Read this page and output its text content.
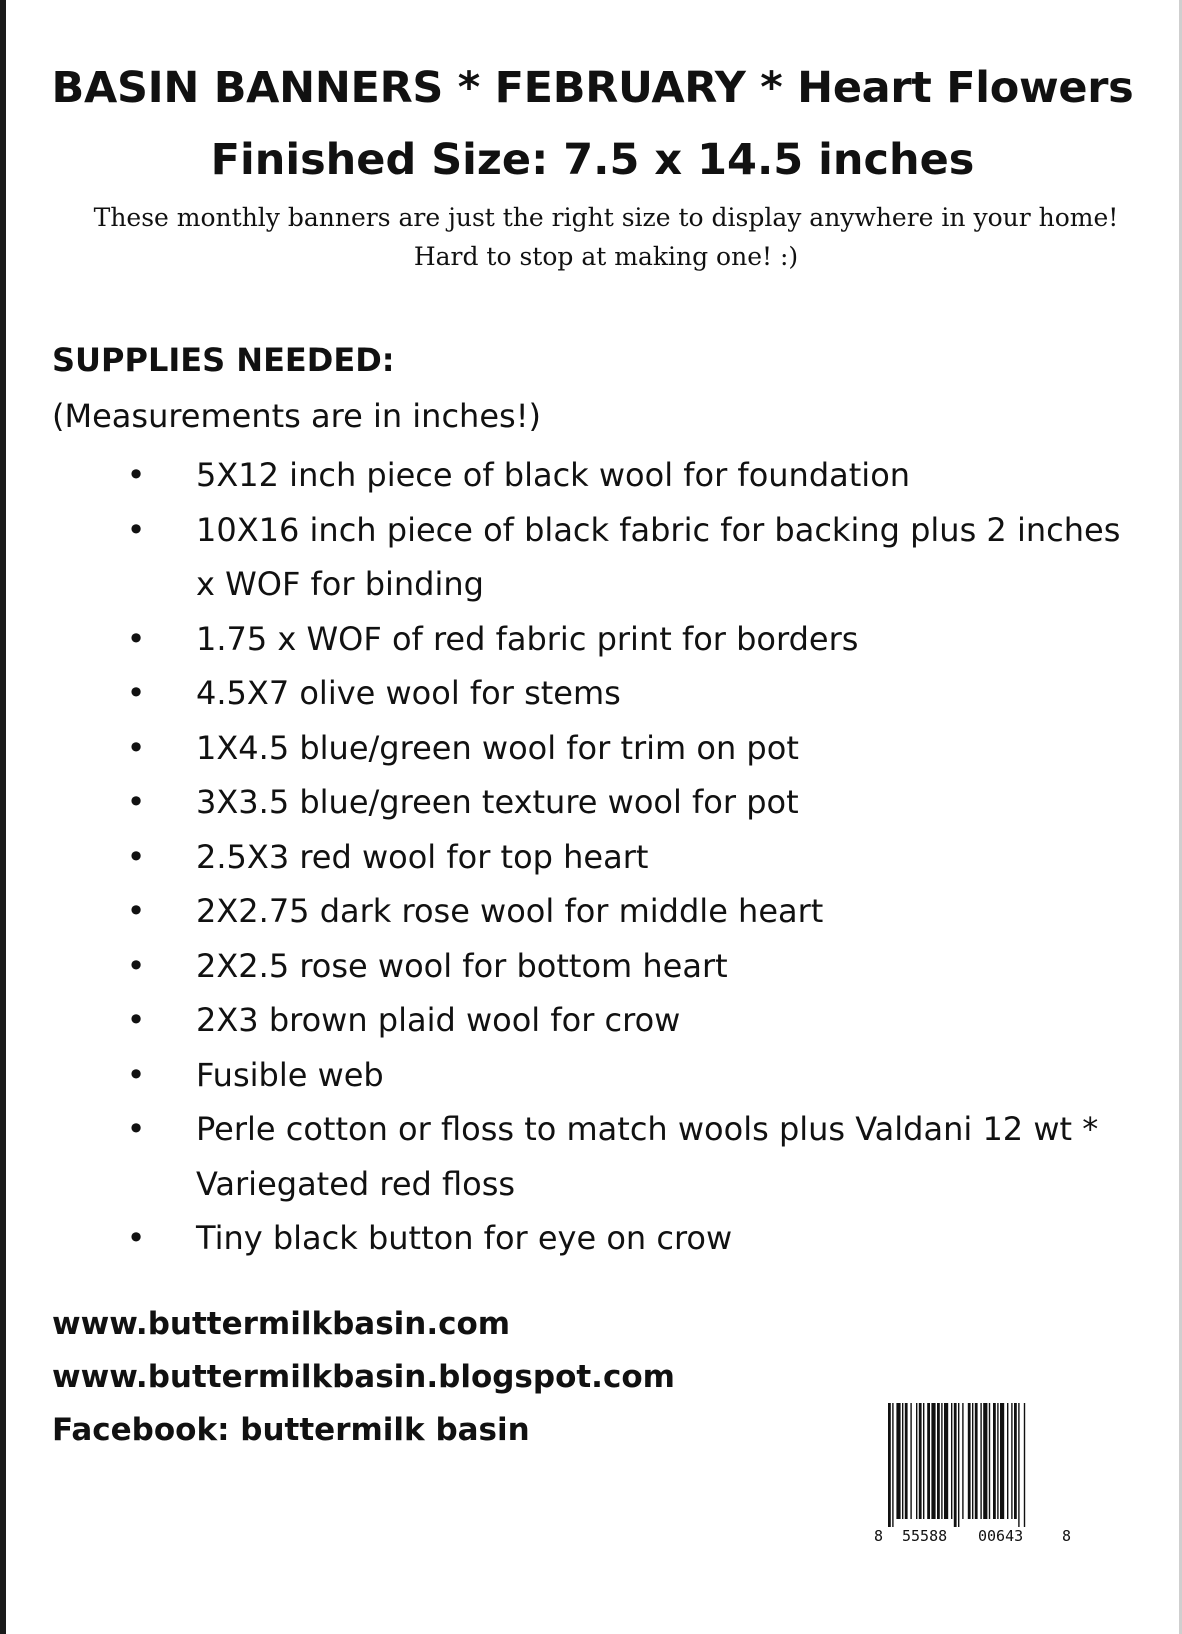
BASIN BANNERS * FEBRUARY * Heart Flowers
Finished Size: 7.5 x 14.5 inches

These monthly banners are just the right size to display anywhere in your home! Hard to stop at making one! :)

SUPPLIES NEEDED:

(Measurements are in inches!)

• 5X12 inch piece of black wool for foundation
• 10X16 inch piece of black fabric for backing plus 2 inches x WOF for binding
• 1.75 x WOF of red fabric print for borders
• 4.5X7 olive wool for stems
• 1X4.5 blue/green wool for trim on pot
• 3X3.5 blue/green texture wool for pot
• 2.5X3 red wool for top heart
• 2X2.75 dark rose wool for middle heart
• 2X2.5 rose wool for bottom heart
• 2X3 brown plaid wool for crow
• Fusible web
• Perle cotton or floss to match wools plus Valdani 12 wt * Variegated red floss
• Tiny black button for eye on crow
www.buttermilkbasin.com
www.buttermilkbasin.blogspot.com
Facebook: buttermilk basin
8 55588 00643	8
